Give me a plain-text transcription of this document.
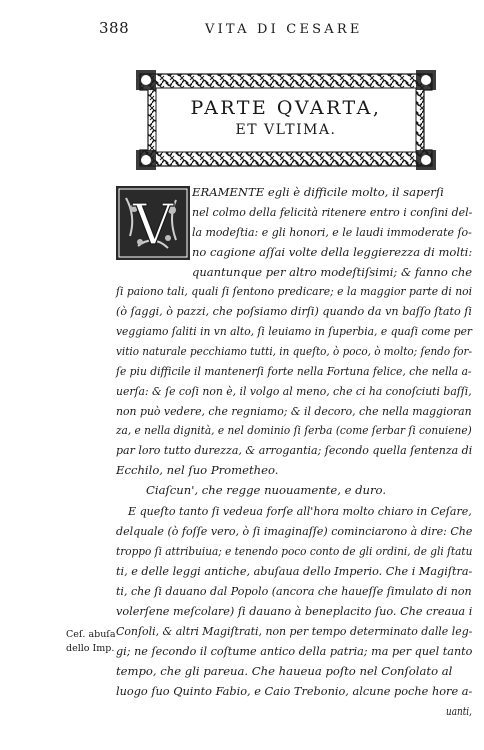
388	VITA DI CESARE
PARTE QVARTA,
ET VLTIMA.
V
ERAMENTE egli è difficile molto, il saperſi
nel colmo della felicità ritenere entro i conſini del-
la modeſtia: e gli honori, e le laudi immoderate ſo-
no cagione aſſai volte della leggierezza di molti:
quantunque per altro modeſtiſsimi; & fanno che
ſi paiono tali, quali ſi ſentono predicare; e la maggior parte di noi
(ò ſaggi, ò pazzi, che poſsiamo dirſi) quando da vn baſſo ſtato ſi
veggiamo ſaliti in vn alto, ſi leuiamo in ſuperbia, e quaſi come per
vitio naturale pecchiamo tutti, in queſto, ò poco, ò molto; ſendo for-
ſe piu difficile il mantenerſi forte nella Fortuna felice, che nella a-
uerſa: & ſe coſi non è, il volgo al meno, che ci ha conoſciuti baſſi,
non può vedere, che regniamo; & il decoro, che nella maggioran
za, e nella dignità, e nel dominio ſi ſerba (come ſerbar ſi conuiene)
par loro tutto durezza, & arrogantia; ſecondo quella ſentenza di
Ecchilo, nel ſuo Prometheo.
Ciaſcun', che regge nuouamente, e duro.
E queſto tanto ſi vedeua forſe all'hora molto chiaro in Ceſare,
delquale (ò foſſe vero, ò ſi imaginaſſe) cominciarono à dire: Che
troppo ſi attribuiua; e tenendo poco conto de gli ordini, de gli ſtatu
ti, e delle leggi antiche, abuſaua dello Imperio. Che i Magiſtra-
ti, che ſi dauano dal Popolo (ancora che haueſſe ſimulato di non
volerſene meſcolare) ſi dauano à beneplacito ſuo. Che creaua i
Conſoli, & altri Magiſtrati, non per tempo determinato dalle leg-
gi; ne ſecondo il coſtume antico della patria; ma per quel tanto
tempo, che gli pareua. Che haueua poſto nel Conſolato al
luogo ſuo Quinto Fabio, e Caio Trebonio, alcune poche hore a-
uanti,
Ceſ. abuſa
dello Imp.
